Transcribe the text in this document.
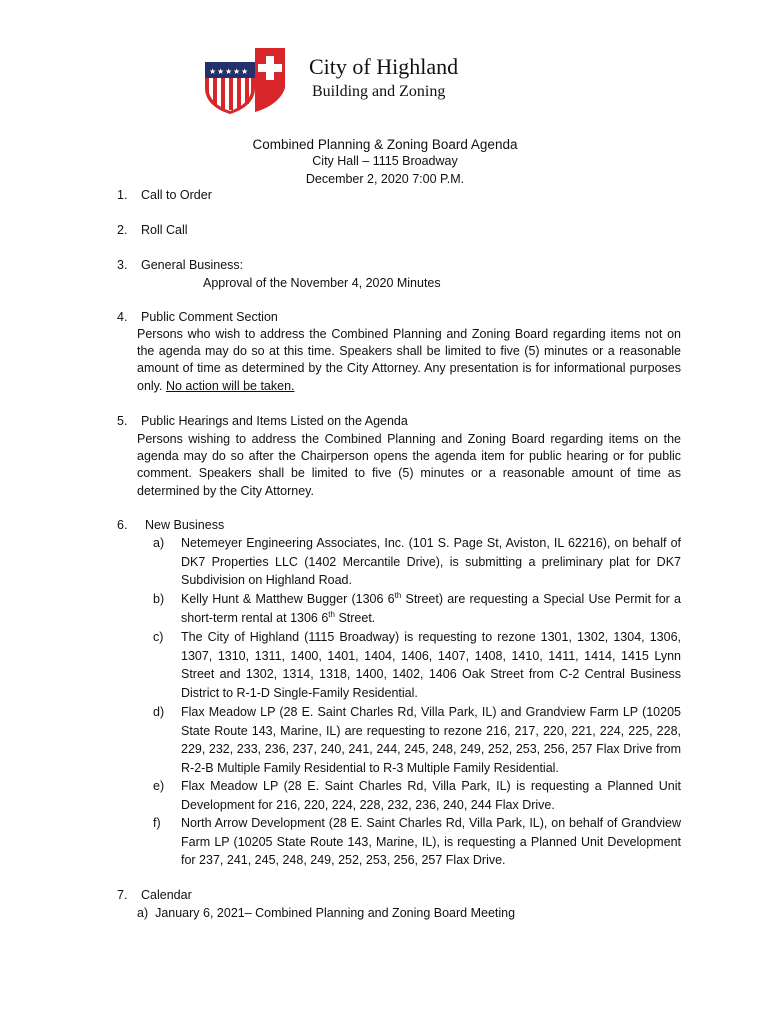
★ ★ ★ ★ ★	City of Highland
Building and Zoning
Combined Planning & Zoning Board Agenda
City Hall – 1115 Broadway
December 2, 2020 7:00 P.M.
1. Call to Order
2. Roll Call
3. General Business:
Approval of the November 4, 2020 Minutes
4. Public Comment Section
Persons who wish to address the Combined Planning and Zoning Board regarding items not on the agenda may do so at this time. Speakers shall be limited to five (5) minutes or a reasonable amount of time as determined by the City Attorney. Any presentation is for informational purposes only. No action will be taken.
5. Public Hearings and Items Listed on the Agenda
Persons wishing to address the Combined Planning and Zoning Board regarding items on the agenda may do so after the Chairperson opens the agenda item for public hearing or for public comment. Speakers shall be limited to five (5) minutes or a reasonable amount of time as determined by the City Attorney.
6. New Business
a) Netemeyer Engineering Associates, Inc. (101 S. Page St, Aviston, IL 62216), on behalf of DK7 Properties LLC (1402 Mercantile Drive), is submitting a preliminary plat for DK7 Subdivision on Highland Road.
b) Kelly Hunt & Matthew Bugger (1306 6th Street) are requesting a Special Use Permit for a short-term rental at 1306 6th Street.
c) The City of Highland (1115 Broadway) is requesting to rezone 1301, 1302, 1304, 1306, 1307, 1310, 1311, 1400, 1401, 1404, 1406, 1407, 1408, 1410, 1411, 1414, 1415 Lynn Street and 1302, 1314, 1318, 1400, 1402, 1406 Oak Street from C-2 Central Business District to R-1-D Single-Family Residential.
d) Flax Meadow LP (28 E. Saint Charles Rd, Villa Park, IL) and Grandview Farm LP (10205 State Route 143, Marine, IL) are requesting to rezone 216, 217, 220, 221, 224, 225, 228, 229, 232, 233, 236, 237, 240, 241, 244, 245, 248, 249, 252, 253, 256, 257 Flax Drive from R-2-B Multiple Family Residential to R-3 Multiple Family Residential.
e) Flax Meadow LP (28 E. Saint Charles Rd, Villa Park, IL) is requesting a Planned Unit Development for 216, 220, 224, 228, 232, 236, 240, 244 Flax Drive.
f) North Arrow Development (28 E. Saint Charles Rd, Villa Park, IL), on behalf of Grandview Farm LP (10205 State Route 143, Marine, IL), is requesting a Planned Unit Development for 237, 241, 245, 248, 249, 252, 253, 256, 257 Flax Drive.
7. Calendar
a) January 6, 2021– Combined Planning and Zoning Board Meeting
